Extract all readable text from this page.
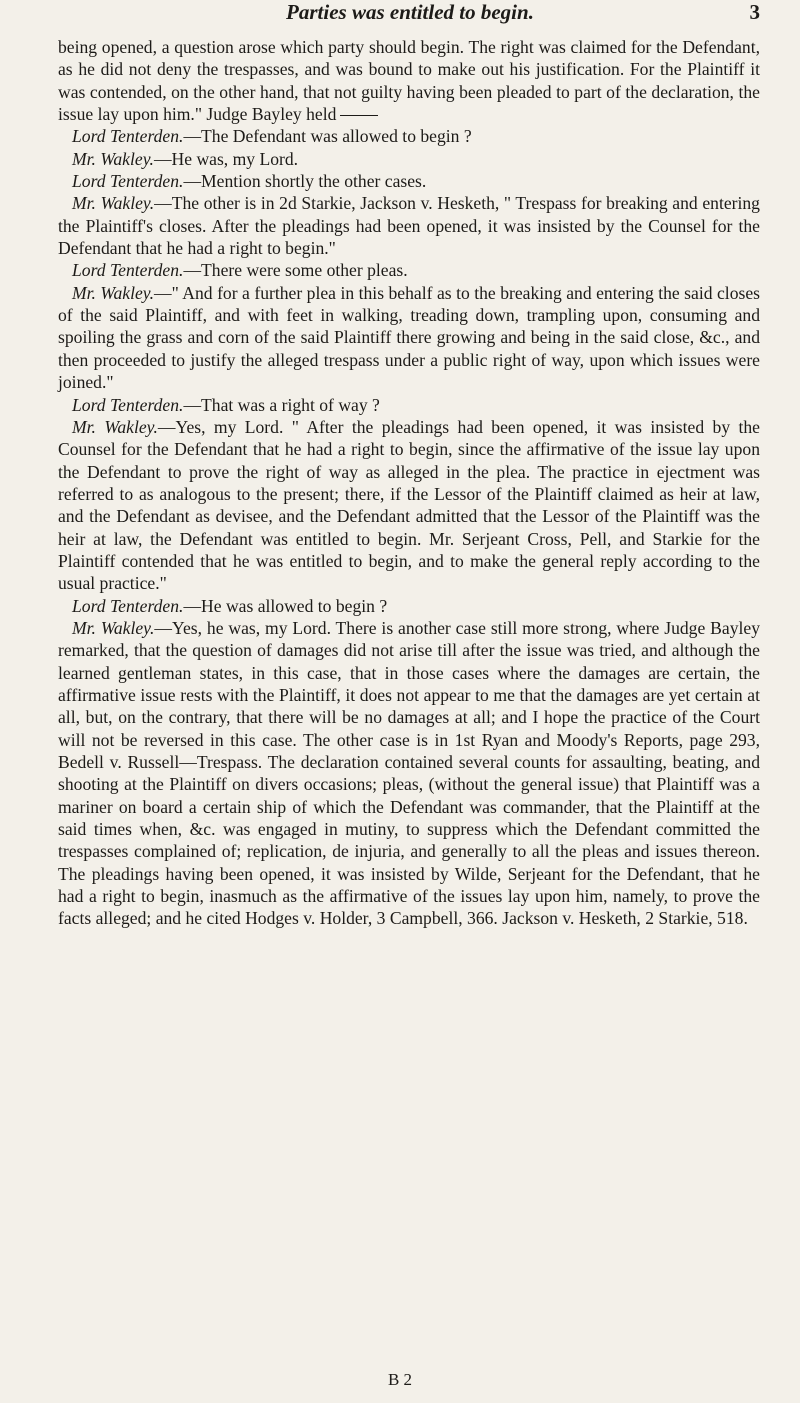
Parties was entitled to begin.	3

being opened, a question arose which party should begin. The right was claimed for the Defendant, as he did not deny the trespasses, and was bound to make out his justification. For the Plaintiff it was contended, on the other hand, that not guilty having been pleaded to part of the declaration, the issue lay upon him." Judge Bayley held

Lord Tenterden.—The Defendant was allowed to begin ?

Mr. Wakley.—He was, my Lord.

Lord Tenterden.—Mention shortly the other cases.

Mr. Wakley.—The other is in 2d Starkie, Jackson v. Hesketh, " Trespass for breaking and entering the Plaintiff's closes. After the pleadings had been opened, it was insisted by the Counsel for the Defendant that he had a right to begin."

Lord Tenterden.—There were some other pleas.

Mr. Wakley.—" And for a further plea in this behalf as to the breaking and entering the said closes of the said Plaintiff, and with feet in walking, treading down, trampling upon, consuming and spoiling the grass and corn of the said Plaintiff there growing and being in the said close, &c., and then proceeded to justify the alleged trespass under a public right of way, upon which issues were joined."

Lord Tenterden.—That was a right of way ?

Mr. Wakley.—Yes, my Lord. " After the pleadings had been opened, it was insisted by the Counsel for the Defendant that he had a right to begin, since the affirmative of the issue lay upon the Defendant to prove the right of way as alleged in the plea. The practice in ejectment was referred to as analogous to the present; there, if the Lessor of the Plaintiff claimed as heir at law, and the Defendant as devisee, and the Defendant admitted that the Lessor of the Plaintiff was the heir at law, the Defendant was entitled to begin. Mr. Serjeant Cross, Pell, and Starkie for the Plaintiff contended that he was entitled to begin, and to make the general reply according to the usual practice."

Lord Tenterden.—He was allowed to begin ?

Mr. Wakley.—Yes, he was, my Lord. There is another case still more strong, where Judge Bayley remarked, that the question of damages did not arise till after the issue was tried, and although the learned gentleman states, in this case, that in those cases where the damages are certain, the affirmative issue rests with the Plaintiff, it does not appear to me that the damages are yet certain at all, but, on the contrary, that there will be no damages at all; and I hope the practice of the Court will not be reversed in this case. The other case is in 1st Ryan and Moody's Reports, page 293, Bedell v. Russell—Trespass. The declaration contained several counts for assaulting, beating, and shooting at the Plaintiff on divers occasions; pleas, (without the general issue) that Plaintiff was a mariner on board a certain ship of which the Defendant was commander, that the Plaintiff at the said times when, &c. was engaged in mutiny, to suppress which the Defendant committed the trespasses complained of; replication, de injuria, and generally to all the pleas and issues thereon. The pleadings having been opened, it was insisted by Wilde, Serjeant for the Defendant, that he had a right to begin, inasmuch as the affirmative of the issues lay upon him, namely, to prove the facts alleged; and he cited Hodges v. Holder, 3 Campbell, 366. Jackson v. Hesketh, 2 Starkie, 518.

B 2
